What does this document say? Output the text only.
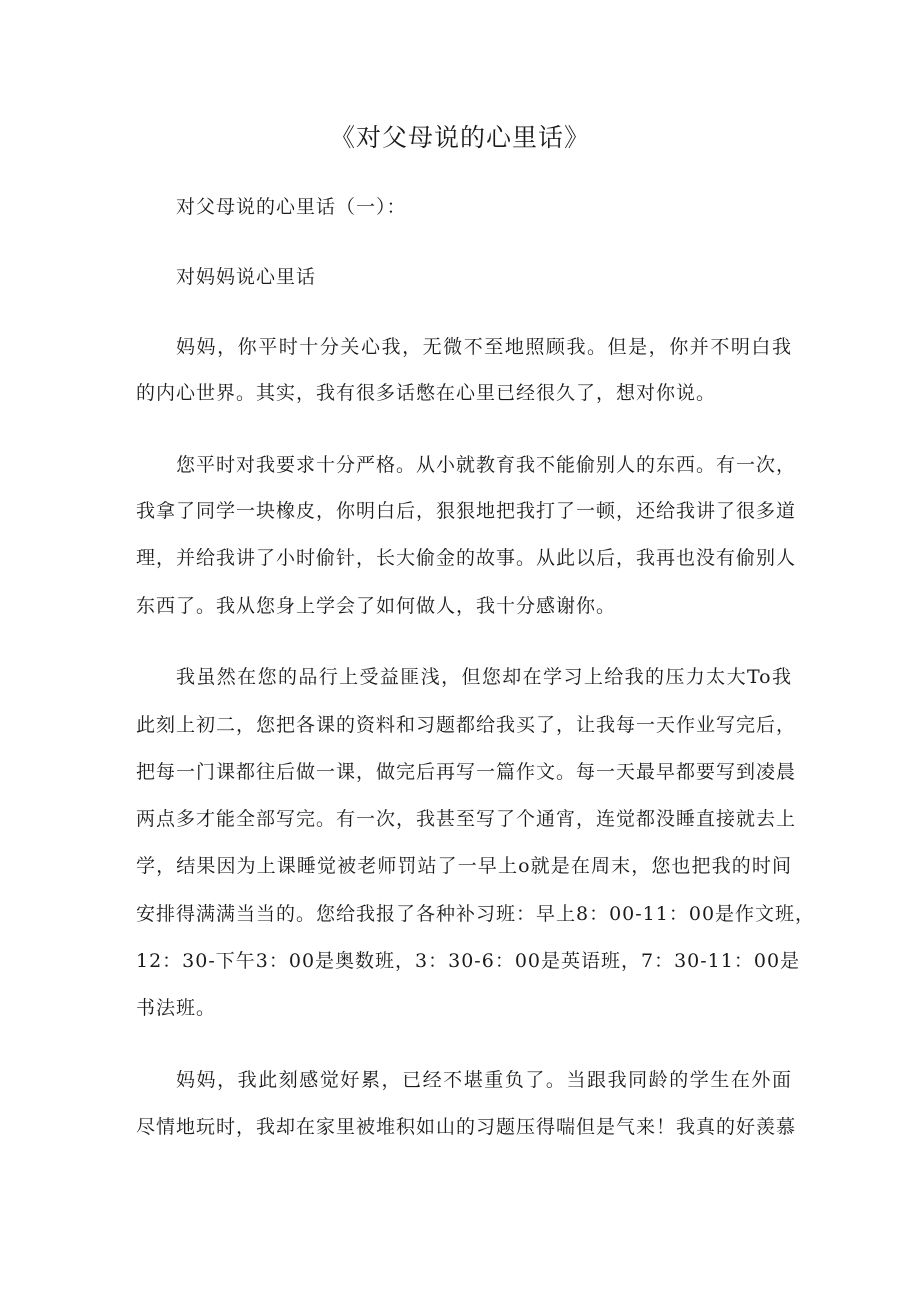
《对父母说的心里话》

对父母说的心里话（一）：

对妈妈说心里话

妈妈，你平时十分关心我，无微不至地照顾我。但是，你并不明白我

的内心世界。其实，我有很多话憋在心里已经很久了，想对你说。

您平时对我要求十分严格。从小就教育我不能偷别人的东西。有一次，

我拿了同学一块橡皮，你明白后，狠狠地把我打了一顿，还给我讲了很多道

理，并给我讲了小时偷针，长大偷金的故事。从此以后，我再也没有偷别人

东西了。我从您身上学会了如何做人，我十分感谢你。

我虽然在您的品行上受益匪浅，但您却在学习上给我的压力太大To我

此刻上初二，您把各课的资料和习题都给我买了，让我每一天作业写完后，

把每一门课都往后做一课，做完后再写一篇作文。每一天最早都要写到凌晨

两点多才能全部写完。有一次，我甚至写了个通宵，连觉都没睡直接就去上

学，结果因为上课睡觉被老师罚站了一早上o就是在周末，您也把我的时间

安排得满满当当的。您给我报了各种补习班：早上8：00-11：00是作文班，

12：30-下午3：00是奥数班，3：30-6：00是英语班，7：30-11：00是

书法班。

妈妈，我此刻感觉好累，已经不堪重负了。当跟我同龄的学生在外面

尽情地玩时，我却在家里被堆积如山的习题压得喘但是气来！我真的好羡慕
